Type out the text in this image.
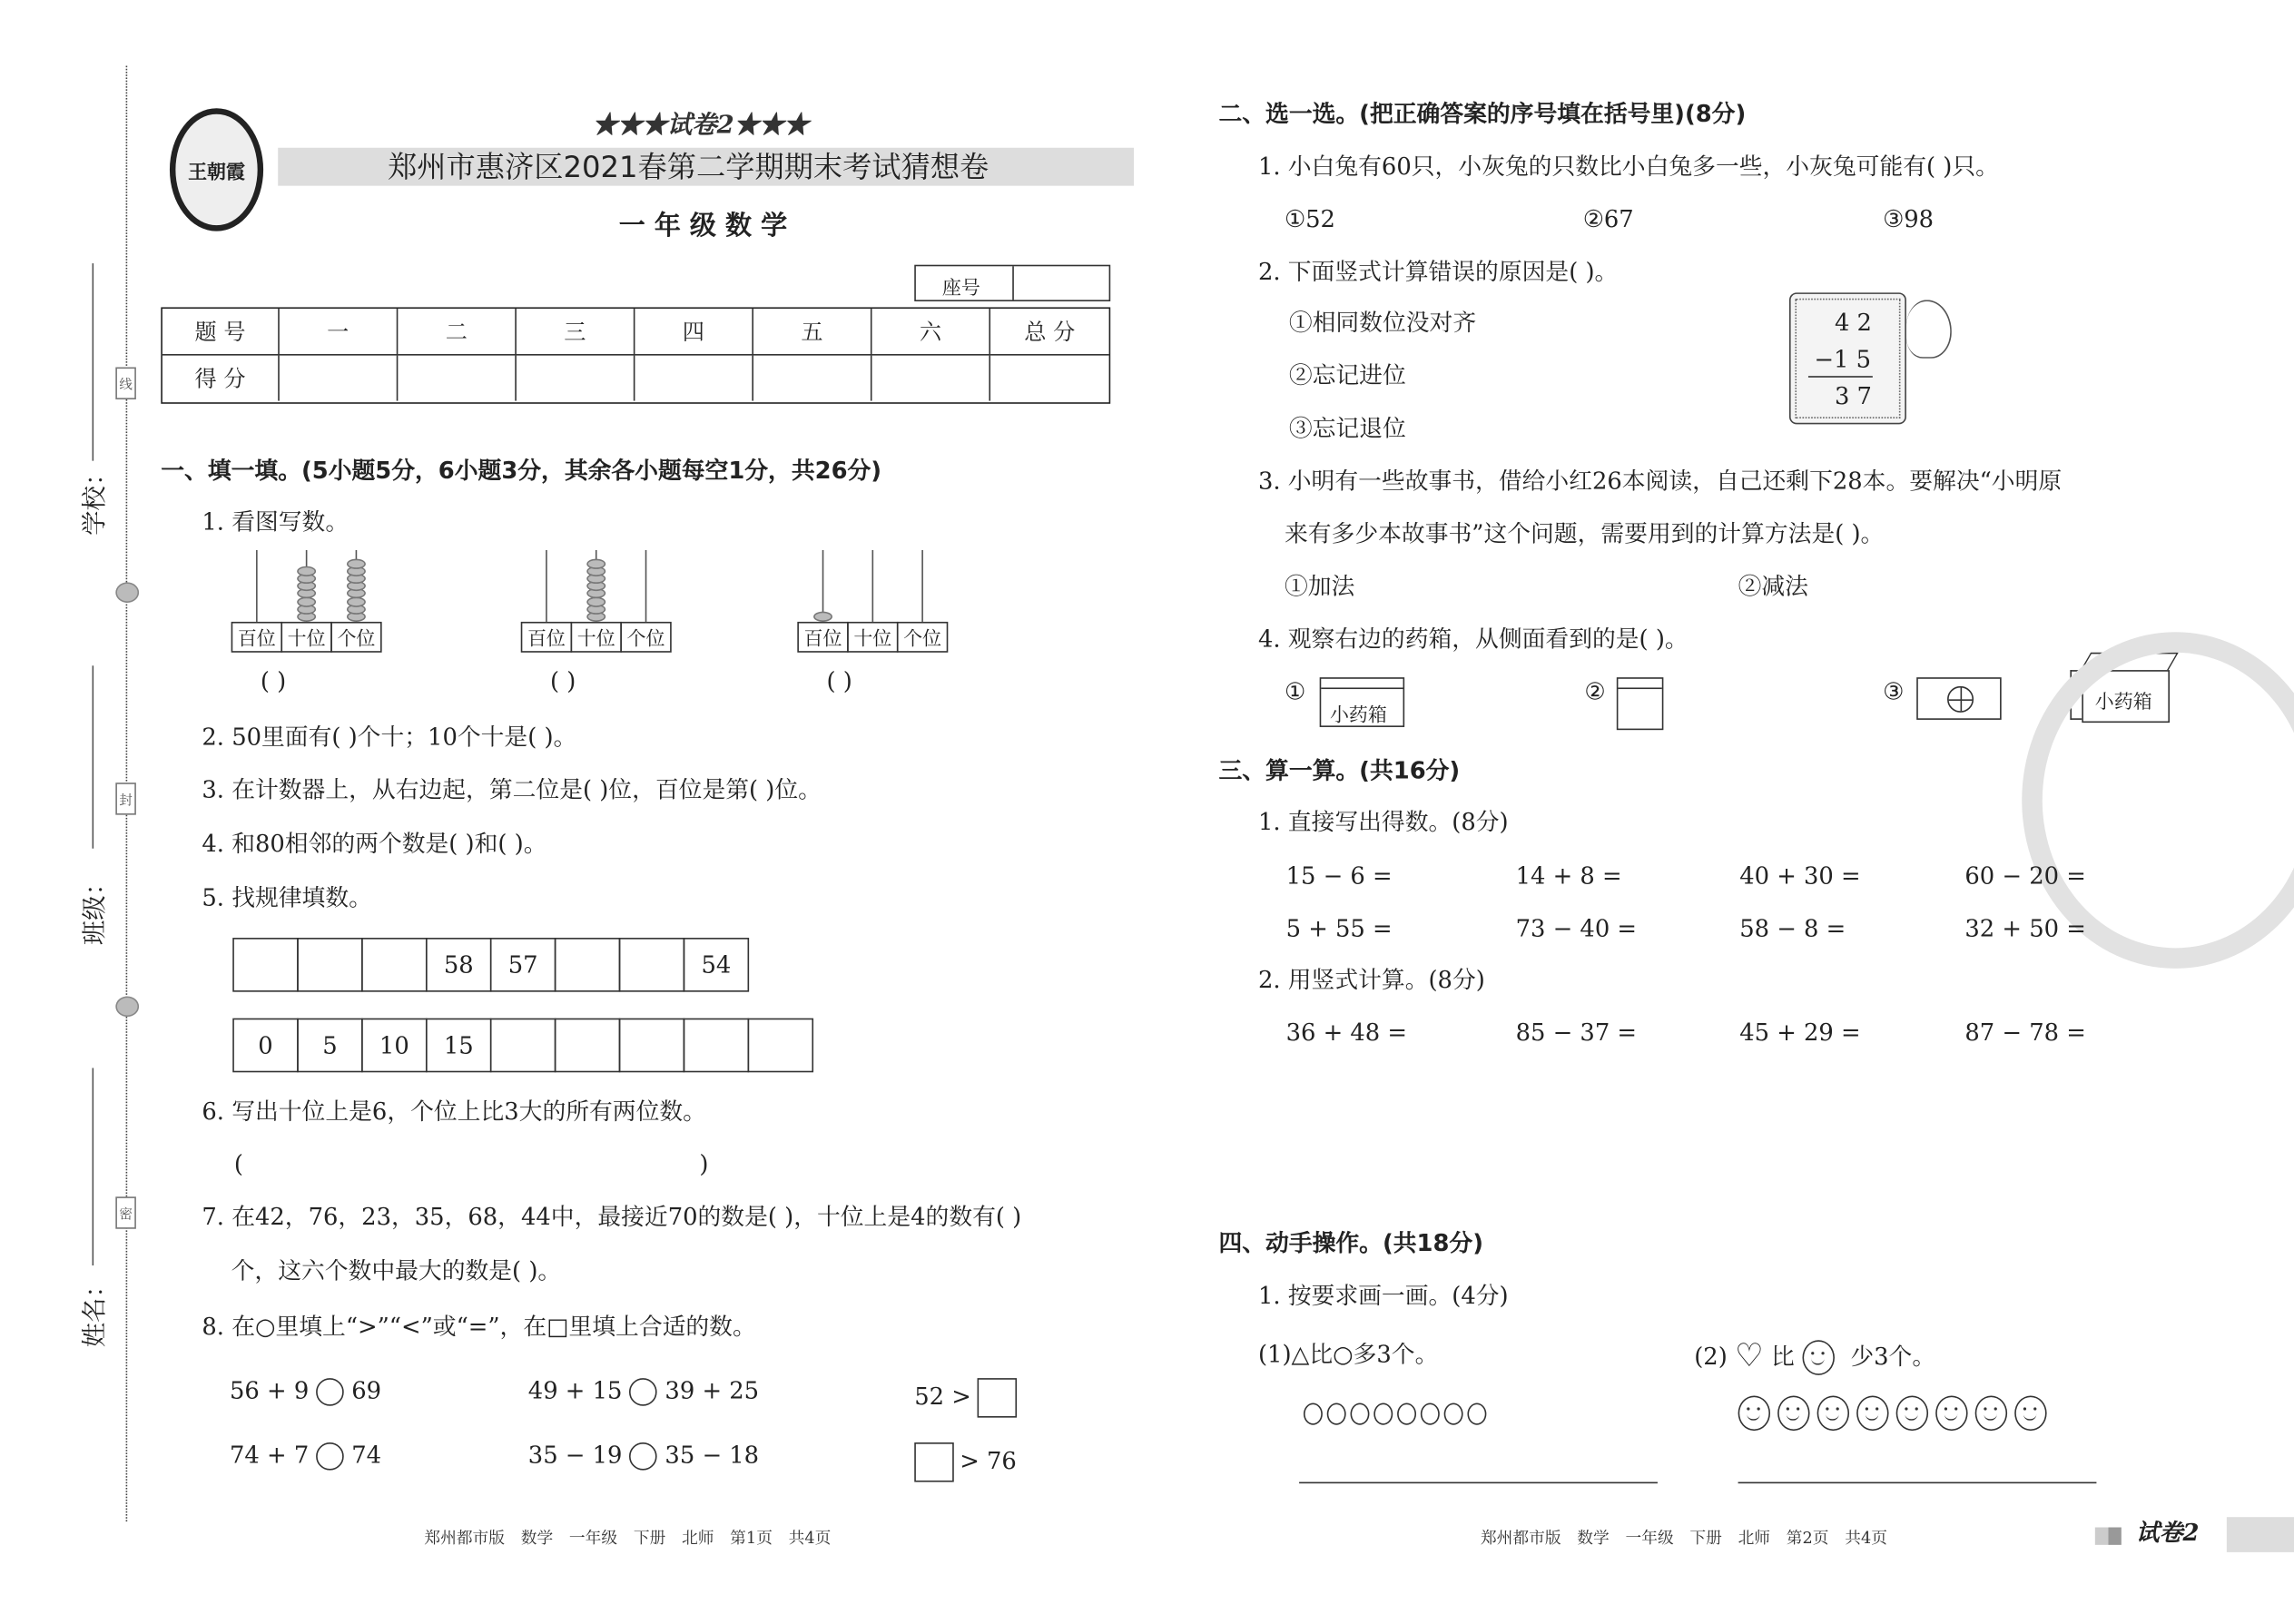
学校：
班级：
姓名：
线
封
密
王朝霞
★★★试卷2★★★
郑州市惠济区2021春第二学期期末考试猜想卷
一 年 级 数 学
座号
题 号	一	二	三	四	五	六	总 分
得 分
一、填一填。(5小题5分，6小题3分，其余各小题每空1分，共26分)
1. 看图写数。
百位 十位 个位
( )
百位 十位 个位
( )
百位 十位 个位
( )
2. 50里面有( )个十；10个十是( )。
3. 在计数器上，从右边起，第二位是( )位，百位是第( )位。
4. 和80相邻的两个数是( )和( )。
5. 找规律填数。
58	57	54
0	5	10	15
6. 写出十位上是6，个位上比3大的所有两位数。
(	)
7. 在42，76，23，35，68，44中，最接近70的数是( )，十位上是4的数有( )
个，这六个数中最大的数是( )。
8. 在○里填上“>”“<”或“=”，在□里填上合适的数。
56 + 9  69	49 + 15  39 + 25
74 + 7  74	35 − 19  35 − 18
52 >
> 76
郑州都市版　数学　一年级　下册　北师　第1页　共4页
二、选一选。(把正确答案的序号填在括号里)(8分)
1. 小白兔有60只，小灰兔的只数比小白兔多一些，小灰兔可能有( )只。
①52	②67	③98
2. 下面竖式计算错误的原因是( )。
①相同数位没对齐
②忘记进位
③忘记退位
4 2
−1 5
3 7
3. 小明有一些故事书，借给小红26本阅读，自己还剩下28本。要解决“小明原
来有多少本故事书”这个问题，需要用到的计算方法是( )。
①加法	②减法
4. 观察右边的药箱，从侧面看到的是( )。
①
小药箱
②	③	小药箱
三、算一算。(共16分)
1. 直接写出得数。(8分)
15 − 6 =	14 + 8 =	40 + 30 =	60 − 20 =
5 + 55 =	73 − 40 =	58 − 8 =	32 + 50 =
36 + 48 =	85 − 37 =	45 + 29 =	87 − 78 =
2. 用竖式计算。(8分)
四、动手操作。(共18分)
1. 按要求画一画。(4分)
(1)△比○多3个。	(2) ♡ 比	少3个。
郑州都市版　数学　一年级　下册　北师　第2页　共4页	试卷2
